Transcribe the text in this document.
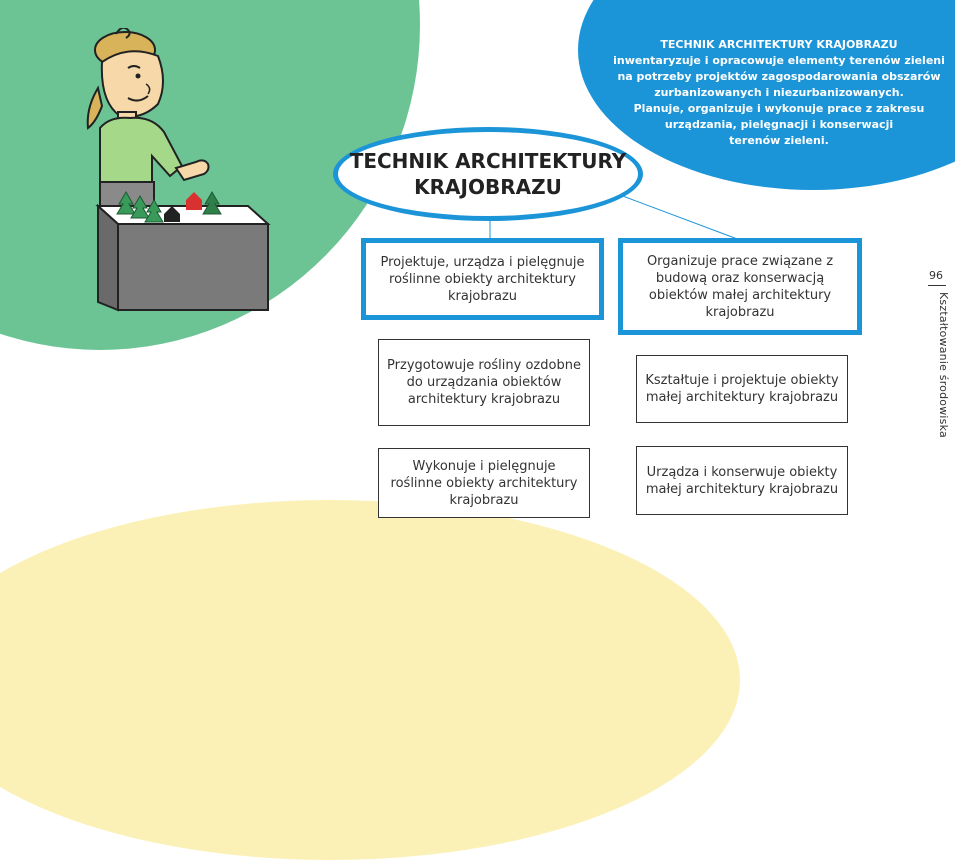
TECHNIK ARCHITEKTURY KRAJOBRAZU
inwentaryzuje i opracowuje elementy terenów zieleni
na potrzeby projektów zagospodarowania obszarów
zurbanizowanych i niezurbanizowanych.
Planuje, organizuje i wykonuje prace z zakresu
urządzania, pielęgnacji i konserwacji
terenów zieleni.
TECHNIK ARCHITEKTURY
KRAJOBRAZU
Projektuje, urządza i pielęgnuje roślinne obiekty architektury krajobrazu
Organizuje prace związane z budową oraz konserwacją obiektów małej architektury krajobrazu
Przygotowuje rośliny ozdobne do urządzania obiektów architektury krajobrazu
Wykonuje i pielęgnuje roślinne obiekty architektury krajobrazu
Kształtuje i projektuje obiekty małej architektury krajobrazu
Urządza i konserwuje obiekty małej architektury krajobrazu
96
Kształtowanie środowiska
